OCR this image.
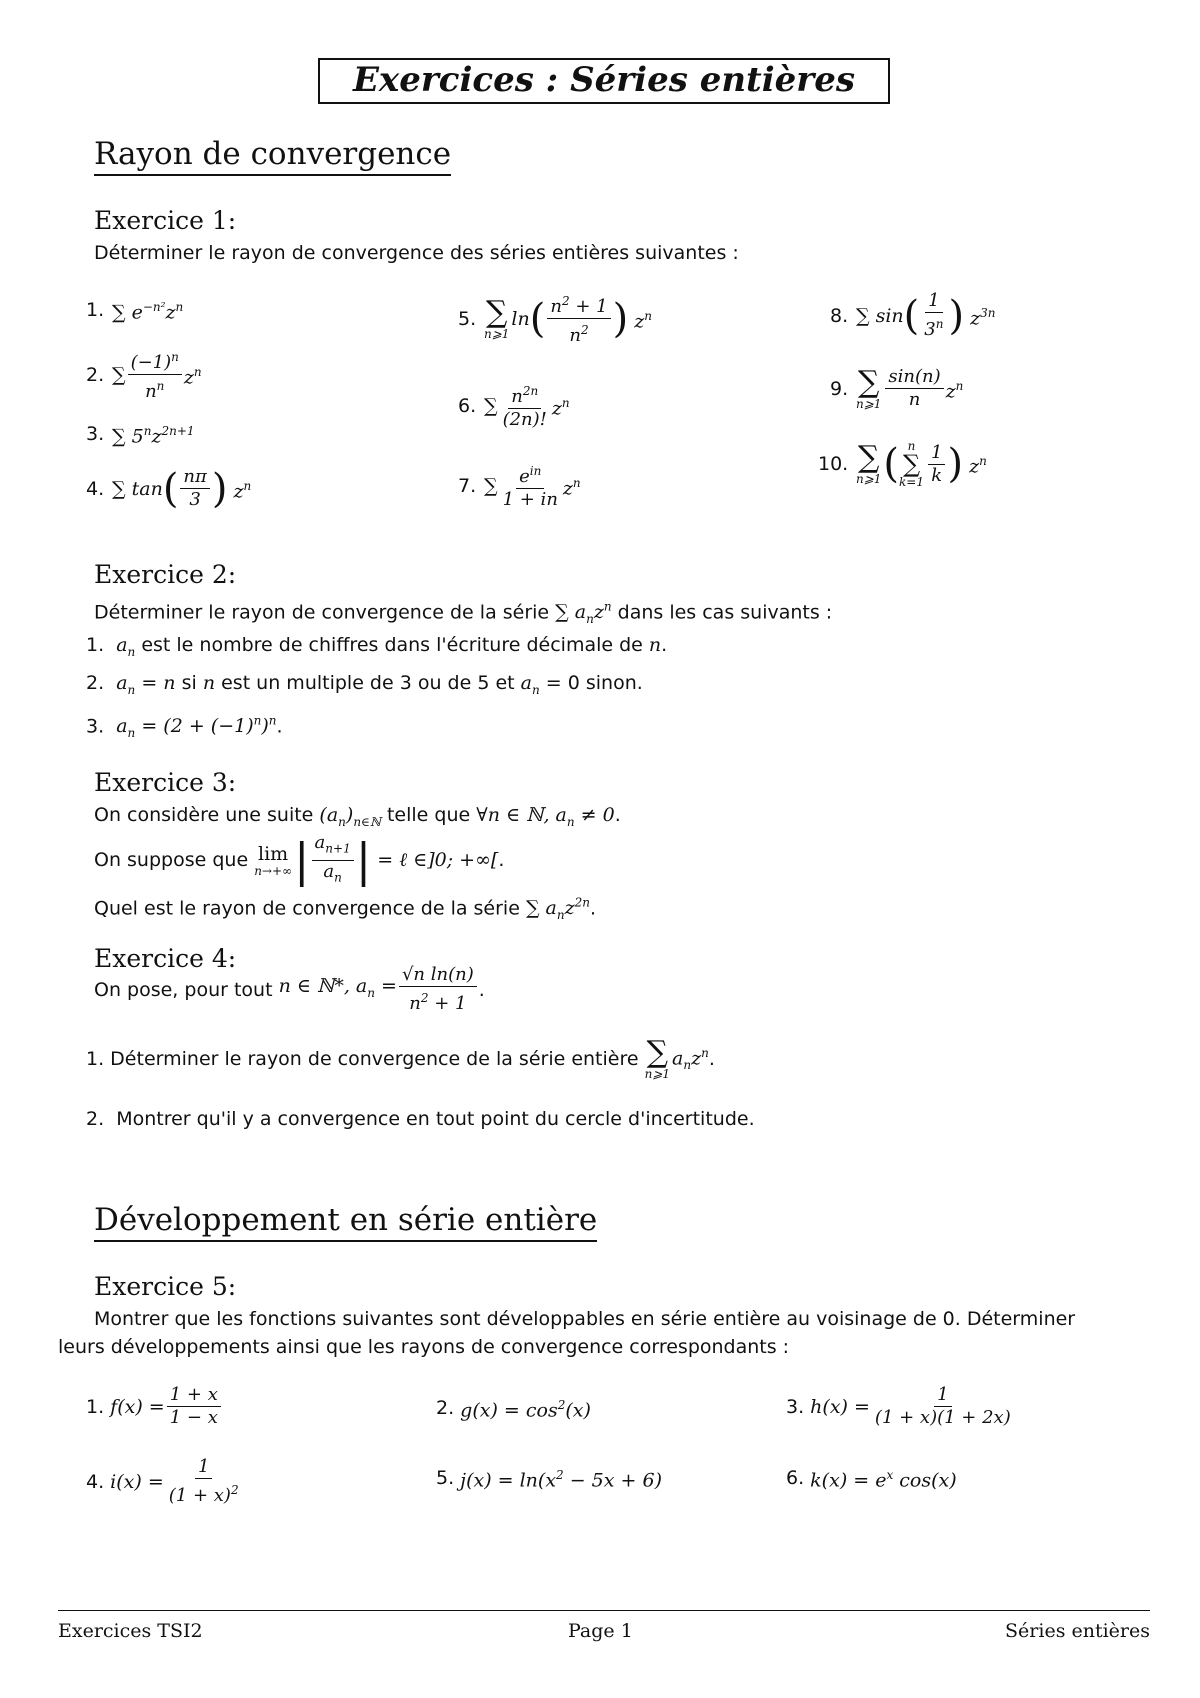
Exercices : Séries entières
Rayon de convergence
Exercice 1:
Déterminer le rayon de convergence des séries entières suivantes :
1. ∑ $e^{-n^2}z^n$
2. ∑ $\frac{(-1)^n}{n^n} z^n$
3. ∑ $5^nz^{2n+1}$
4. ∑ tan ( $\frac{n\pi}{3}$ ) $z^n$
5. ∑
n⩾1
ln ( $\frac{n^2 + 1}{n^2}$ ) $z^n$
6. ∑ $\frac{n^{2n}}{(2n)!} z^n$
7. ∑ $\frac{e^{in}}{1 + in} z^n$
8. ∑ sin ( $\frac{1}{3^n}$ ) $z^{3n}$
9. ∑
n⩾1 $\frac{\sin(n)}{n} z^n$
10. ∑
n⩾1 ( n
∑
$k=1 \frac{1}{k}$ ) $z^n$
Exercice 2:
Déterminer le rayon de convergence de la série ∑ $a_nz^n$ dans les cas suivants :
1.  $a_n$ est le nombre de chiffres dans l'écriture décimale de n.
2.  $a_n = n$ si n est un multiple de 3 ou de 5 et $a_n = 0$ sinon.
3.  $a_n = (2 + (-1)^n)^n$.
Exercice 3:
On considère une suite $(a_n)_{n\in ℕ}$ telle que ∀n ∈ ℕ, $a_n \ne 0$.
On suppose que
lim
n→+∞ | $\frac{a_{n+1}}{a_n}$ | = ℓ ∈]0; +∞[ .
Quel est le rayon de convergence de la série ∑ $a_nz^{2n}$.
Exercice 4:
On pose, pour tout
n ∈ ℕ*, $a_n = \frac{\text{√n ln(n)}}{n^2 + 1}$ .
1. Déterminer le rayon de convergence de la série entière
∑
n⩾1
$a_nz^n$ .
2.  Montrer qu'il y a convergence en tout point du cercle d'incertitude.
Développement en série entière
Exercice 5:
Montrer que les fonctions suivantes sont développables en série entière au voisinage de 0. Déterminer
leurs développements ainsi que les rayons de convergence correspondants :
1. $f(x) = \frac{1 + x}{1 - x}$	2. $g(x) = \cos^2(x)$	3. $h(x) = \frac{1}{(1 + x)(1 + 2x)}$
4. $i(x) = \frac{1}{(1 + x)^2}$	5. $j(x) = \ln(x^2 - 5x + 6)$	6. $k(x) = e^x$ cos(x)
Exercices TSI2	Page 1	Séries entières
